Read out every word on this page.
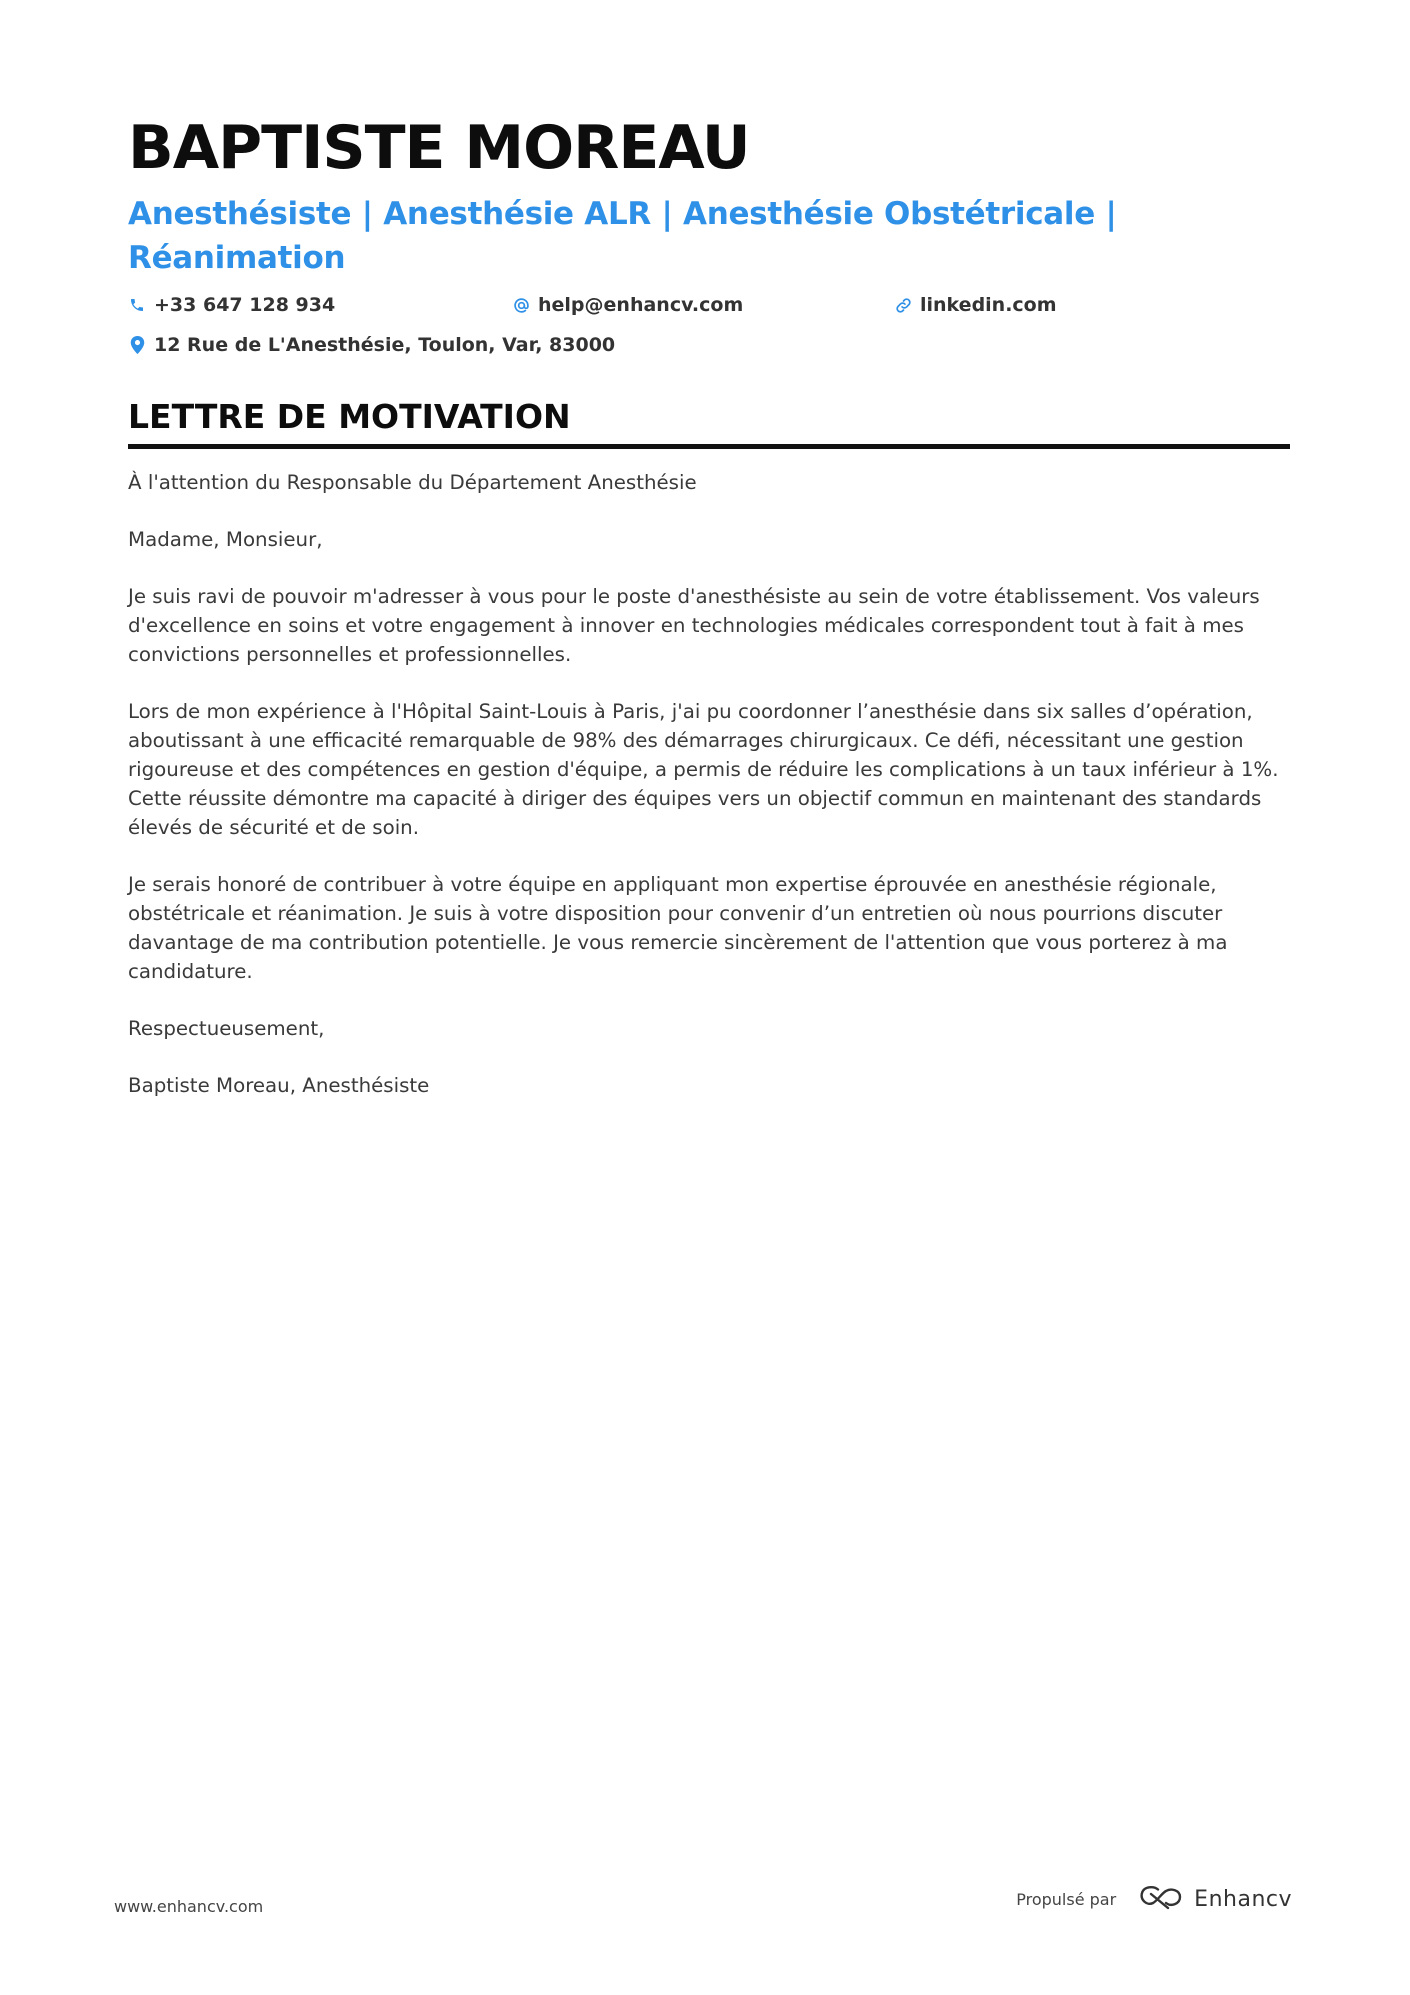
BAPTISTE MOREAU
Anesthésiste | Anesthésie ALR | Anesthésie Obstétricale | Réanimation
+33 647 128 934	help@enhancv.com	linkedin.com
12 Rue de L'Anesthésie, Toulon, Var, 83000
LETTRE DE MOTIVATION

À l'attention du Responsable du Département Anesthésie

Madame, Monsieur,

Je suis ravi de pouvoir m'adresser à vous pour le poste d'anesthésiste au sein de votre établissement. Vos valeurs d'excellence en soins et votre engagement à innover en technologies médicales correspondent tout à fait à mes convictions personnelles et professionnelles.

Lors de mon expérience à l'Hôpital Saint-Louis à Paris, j'ai pu coordonner l’anesthésie dans six salles d’opération, aboutissant à une efficacité remarquable de 98% des démarrages chirurgicaux. Ce défi, nécessitant une gestion rigoureuse et des compétences en gestion d'équipe, a permis de réduire les complications à un taux inférieur à 1%. Cette réussite démontre ma capacité à diriger des équipes vers un objectif commun en maintenant des standards élevés de sécurité et de soin.

Je serais honoré de contribuer à votre équipe en appliquant mon expertise éprouvée en anesthésie régionale, obstétricale et réanimation. Je suis à votre disposition pour convenir d’un entretien où nous pourrions discuter davantage de ma contribution potentielle. Je vous remercie sincèrement de l'attention que vous porterez à ma candidature.

Respectueusement,

Baptiste Moreau, Anesthésiste

www.enhancv.com	Propulsé par	Enhancv
